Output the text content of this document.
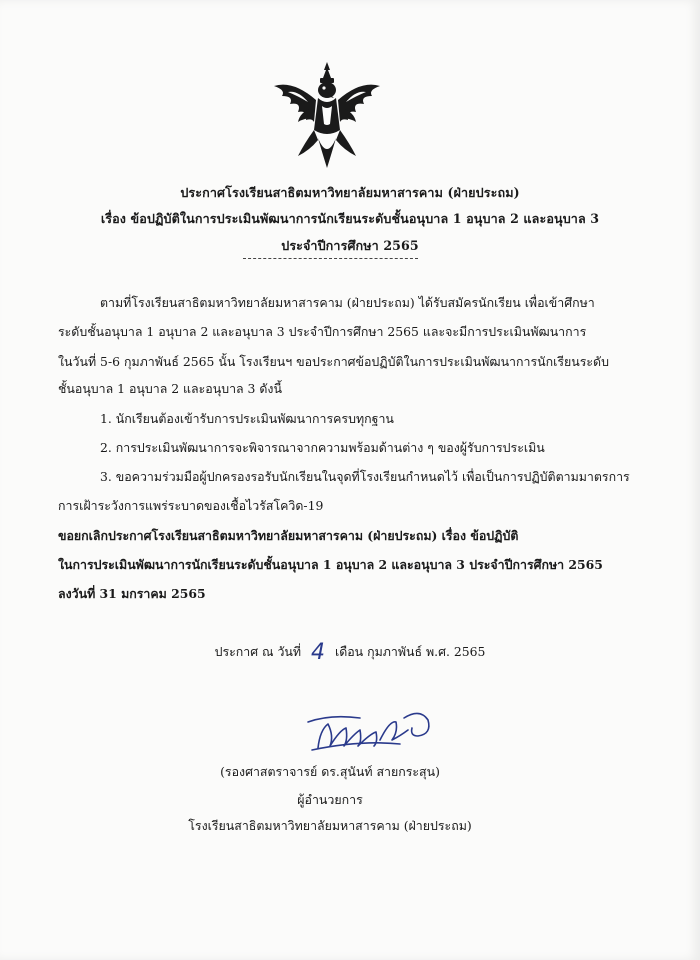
ประกาศโรงเรียนสาธิตมหาวิทยาลัยมหาสารคาม (ฝ่ายประถม)
เรื่อง ข้อปฏิบัติในการประเมินพัฒนาการนักเรียนระดับชั้นอนุบาล 1 อนุบาล 2 และอนุบาล 3
ประจำปีการศึกษา 2565
ตามที่โรงเรียนสาธิตมหาวิทยาลัยมหาสารคาม (ฝ่ายประถม) ได้รับสมัครนักเรียน เพื่อเข้าศึกษา
ระดับชั้นอนุบาล 1 อนุบาล 2 และอนุบาล 3 ประจำปีการศึกษา 2565 และจะมีการประเมินพัฒนาการ
ในวันที่ 5-6 กุมภาพันธ์ 2565 นั้น โรงเรียนฯ ขอประกาศข้อปฏิบัติในการประเมินพัฒนาการนักเรียนระดับ
ชั้นอนุบาล 1 อนุบาล 2 และอนุบาล 3 ดังนี้
1. นักเรียนต้องเข้ารับการประเมินพัฒนาการครบทุกฐาน
2. การประเมินพัฒนาการจะพิจารณาจากความพร้อมด้านต่าง ๆ ของผู้รับการประเมิน
3. ขอความร่วมมือผู้ปกครองรอรับนักเรียนในจุดที่โรงเรียนกำหนดไว้ เพื่อเป็นการปฏิบัติตามมาตรการ
การเฝ้าระวังการแพร่ระบาดของเชื้อไวรัสโควิด-19
ขอยกเลิกประกาศโรงเรียนสาธิตมหาวิทยาลัยมหาสารคาม (ฝ่ายประถม) เรื่อง ข้อปฏิบัติ
ในการประเมินพัฒนาการนักเรียนระดับชั้นอนุบาล 1 อนุบาล 2 และอนุบาล 3 ประจำปีการศึกษา 2565
ลงวันที่ 31 มกราคม 2565
ประกาศ ณ วันที่ 4 เดือน กุมภาพันธ์ พ.ศ. 2565
(รองศาสตราจารย์ ดร.สุนันท์ สายกระสุน)
ผู้อำนวยการ
โรงเรียนสาธิตมหาวิทยาลัยมหาสารคาม (ฝ่ายประถม)
